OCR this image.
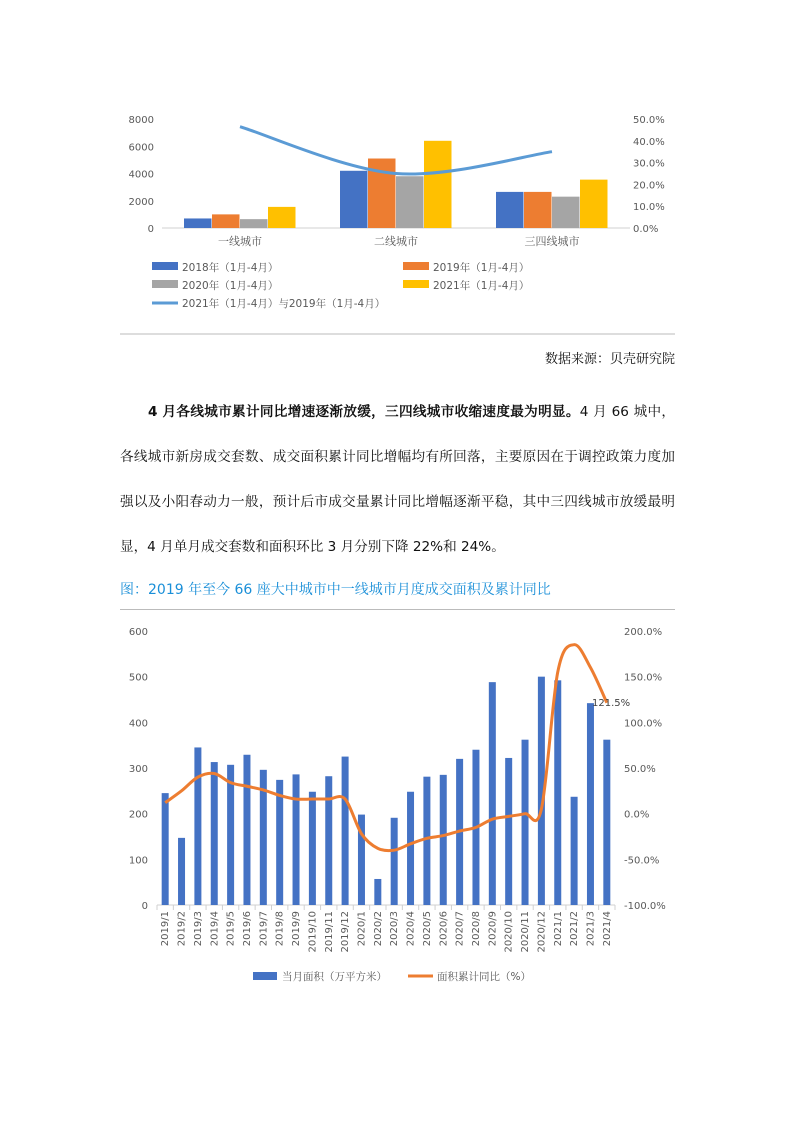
0
2000
4000
6000
8000
0.0%
10.0%
20.0%
30.0%
40.0%
50.0%
一线城市	二线城市	三四线城市
2018年（1月-4月）	2019年（1月-4月）
2020年（1月-4月）	2021年（1月-4月）
2021年（1月-4月）与2019年（1月-4月）
数据来源：贝壳研究院
4 月各线城市累计同比增速逐渐放缓，三四线城市收缩速度最为明显。4 月 66 城中，各线城市新房成交套数、成交面积累计同比增幅均有所回落，主要原因在于调控政策力度加强以及小阳春动力一般，预计后市成交量累计同比增幅逐渐平稳，其中三四线城市放缓最明显，4 月单月成交套数和面积环比 3 月分别下降 22%和 24%。
图：2019 年至今 66 座大中城市中一线城市月度成交面积及累计同比
0
100
200
300
400
500
600
-100.0%
-50.0%
0.0%
50.0%
100.0%
150.0%
200.0%
2019/1 2019/2 2019/3 2019/4 2019/5 2019/6 2019/7 2019/8 2019/9 2019/10 2019/11 2019/12 2020/1 2020/2 2020/3 2020/4 2020/5 2020/6 2020/7 2020/8 2020/9 2020/10 2020/11 2020/12 2021/1 2021/2 2021/3 2021/4
121.5%
当月面积（万平方米）	面积累计同比（%）
